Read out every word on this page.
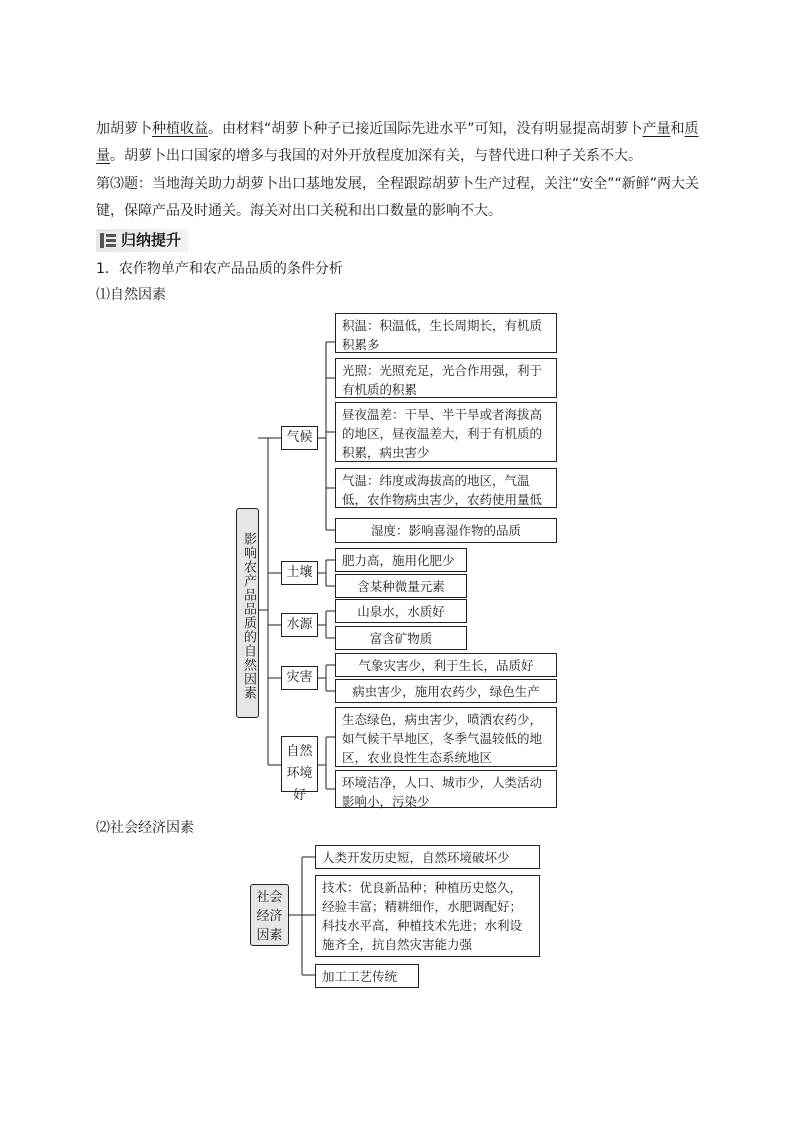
加胡萝卜种植收益。由材料“胡萝卜种子已接近国际先进水平”可知，没有明显提高胡萝卜产量和质量。胡萝卜出口国家的增多与我国的对外开放程度加深有关，与替代进口种子关系不大。

第⑶题：当地海关助力胡萝卜出口基地发展，全程跟踪胡萝卜生产过程，关注“安全”“新鲜”两大关键，保障产品及时通关。海关对出口关税和出口数量的影响不大。

归纳提升
1．农作物单产和农产品品质的条件分析
⑴自然因素
影响农产品品质的自然因素
气候
土壤
水源
灾害
自然环境好
积温：积温低，生长周期长，有机质积累多
光照：光照充足，光合作用强，利于有机质的积累
昼夜温差：干旱、半干旱或者海拔高的地区，昼夜温差大，利于有机质的积累，病虫害少
气温：纬度或海拔高的地区，气温低，农作物病虫害少，农药使用量低
湿度：影响喜湿作物的品质
肥力高，施用化肥少
含某种微量元素
山泉水，水质好
富含矿物质
气象灾害少，利于生长，品质好
病虫害少，施用农药少，绿色生产
生态绿色，病虫害少，喷洒农药少，如气候干旱地区，冬季气温较低的地区，农业良性生态系统地区
环境洁净，人口、城市少，人类活动影响小，污染少
⑵社会经济因素
社会经济因素
人类开发历史短，自然环境破坏少
技术：优良新品种；种植历史悠久，经验丰富；精耕细作，水肥调配好；科技水平高，种植技术先进；水利设施齐全，抗自然灾害能力强
加工工艺传统
